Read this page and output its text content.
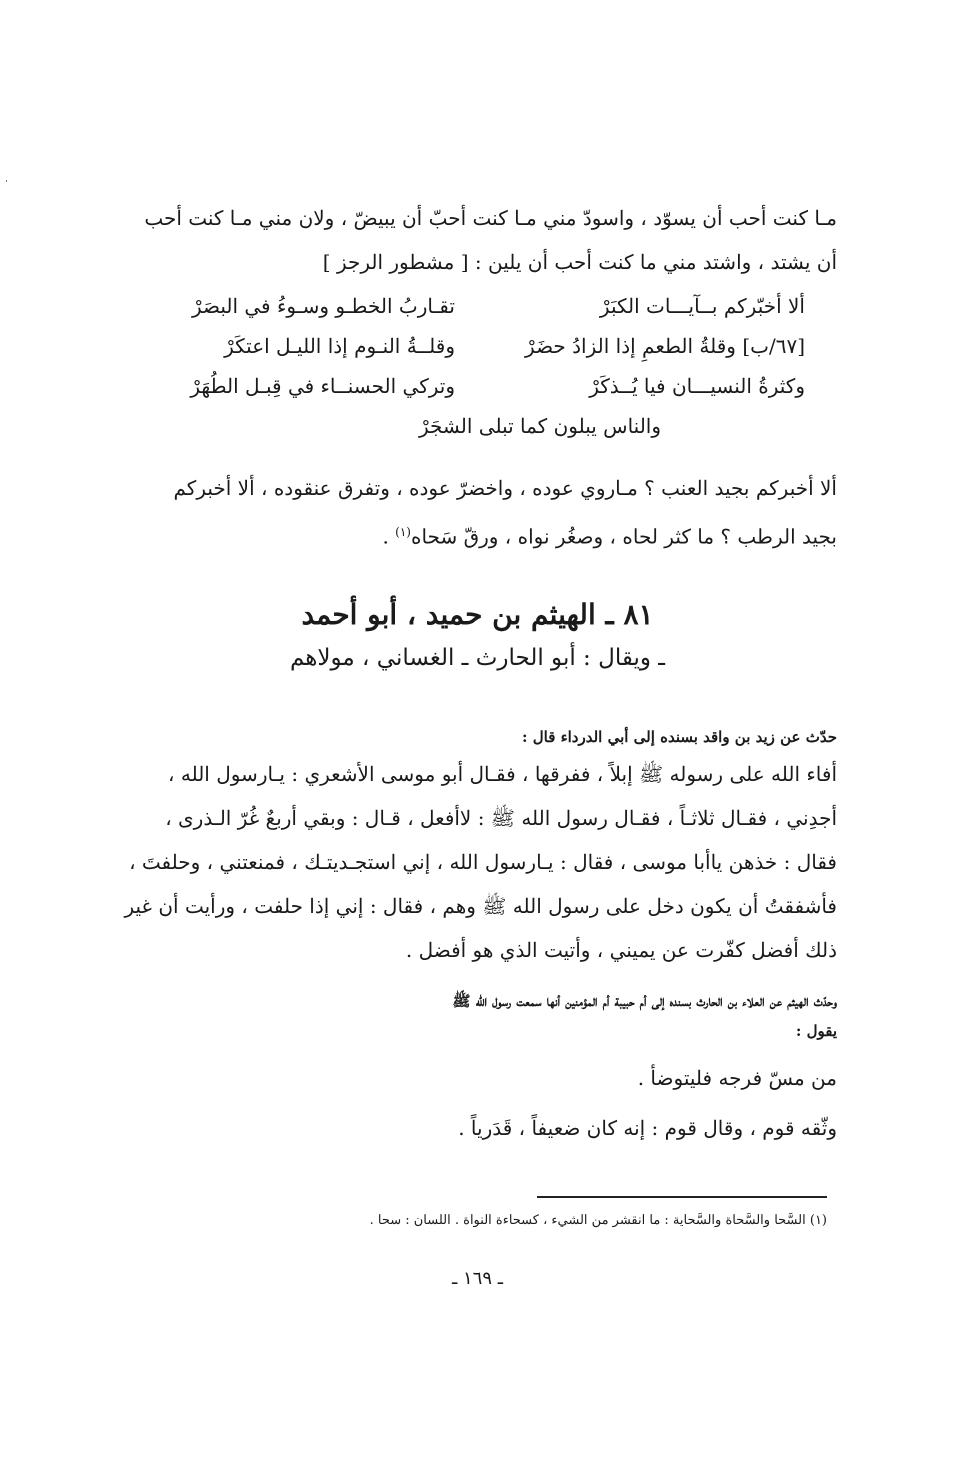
مـا كنت أحب أن يسوّد ، واسودّ مني مـا كنت أحبّ أن يبيضّ ، ولان مني مـا كنت أحب
أن يشتد ، واشتد مني ما كنت أحب أن يلين : [ مشطور الرجز ]
ألا أخبّركم بــآيـــات الكبَرْ
تقـاربُ الخطـو وسـوءُ في البصَرْ
[٦٧/ب] وقلةُ الطعمِ إذا الزادُ حضَرْ
وقلــةُ النـوم إذا الليـل اعتكَرْ
وكثرةُ النسيـــان فيا يُــذكَرْ
وتركي الحسنــاء في قِبـل الطُهَرْ
والناس يبلون كما تبلى الشجَرْ
ألا أخبركم بجيد العنب ؟ مـاروي عوده ، واخضرّ عوده ، وتفرق عنقوده ، ألا أخبركم
بجيد الرطب ؟ ما كثر لحاه ، وصغُر نواه ، ورقّ سَحاه$^{(١)}$ .
٨١ ـ الهيثم بن حميد ، أبو أحمد
ـ ويقال : أبو الحارث ـ الغساني ، مولاهم
حدّث عن زيد بن واقد بسنده إلى أبي الدرداء قال :
أفاء الله على رسوله ﷺ إبلاً ، ففرقها ، فقـال أبو موسى الأشعري : يـارسول الله ،
أجدِني ، فقـال ثلاثـاً ، فقـال رسول الله ﷺ : لاأفعل ، قـال : وبقي أربعٌ غُرّ الـذرى ،
فقال : خذهن ياأبا موسى ، فقال : يـارسول الله ، إني استجـديتـك ، فمنعتني ، وحلفتَ ،
فأشفقتُ أن يكون دخل على رسول الله ﷺ وهم ، فقال : إني إذا حلفت ، ورأيت أن غير
ذلك أفضل كفّرت عن يميني ، وأتيت الذي هو أفضل .
وحدّث الهيثم عن العلاء بن الحارث بسنده إلى أم حبيبة أم المؤمنين أنها سمعت رسول الله ﷺ
يقول :
من مسّ فرجه فليتوضأ .
وثّقه قوم ، وقال قوم : إنه كان ضعيفاً ، قَدَرياً .
(١) السَّحا والسَّحاة والسَّحاية : ما انقشر من الشيء ، كسحاءة النواة . اللسان : سحا .
ـ ١٦٩ ـ
